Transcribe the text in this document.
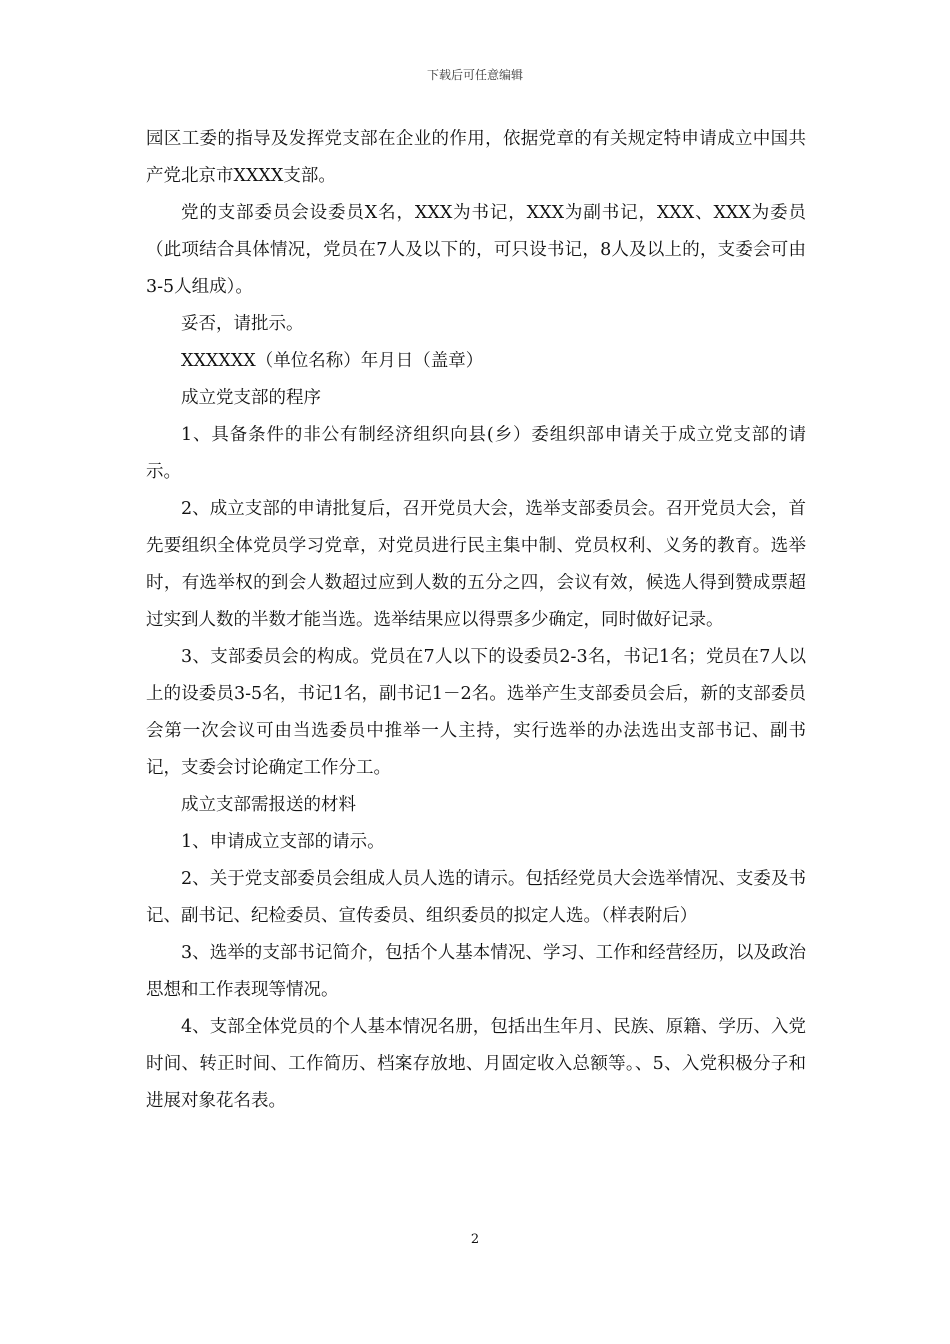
下载后可任意编辑

园区工委的指导及发挥党支部在企业的作用，依据党章的有关规定特申请成立中国共产党北京市XXXX支部。

党的支部委员会设委员X名，XXX为书记，XXX为副书记，XXX、XXX为委员（此项结合具体情况，党员在7人及以下的，可只设书记，8人及以上的，支委会可由3-5人组成）。

妥否，请批示。

XXXXXX（单位名称）年月日（盖章）

成立党支部的程序

1、具备条件的非公有制经济组织向县(乡）委组织部申请关于成立党支部的请示。

2、成立支部的申请批复后，召开党员大会，选举支部委员会。召开党员大会，首先要组织全体党员学习党章，对党员进行民主集中制、党员权利、义务的教育。选举时，有选举权的到会人数超过应到人数的五分之四，会议有效，候选人得到赞成票超过实到人数的半数才能当选。选举结果应以得票多少确定，同时做好记录。

3、支部委员会的构成。党员在7人以下的设委员2-3名，书记1名；党员在7人以上的设委员3-5名，书记1名，副书记1－2名。选举产生支部委员会后，新的支部委员会第一次会议可由当选委员中推举一人主持，实行选举的办法选出支部书记、副书记，支委会讨论确定工作分工。

成立支部需报送的材料

1、申请成立支部的请示。

2、关于党支部委员会组成人员人选的请示。包括经党员大会选举情况、支委及书记、副书记、纪检委员、宣传委员、组织委员的拟定人选。（样表附后）

3、选举的支部书记简介，包括个人基本情况、学习、工作和经营经历，以及政治思想和工作表现等情况。

4、支部全体党员的个人基本情况名册，包括出生年月、民族、原籍、学历、入党时间、转正时间、工作简历、档案存放地、月固定收入总额等。、5、入党积极分子和进展对象花名表。

2
